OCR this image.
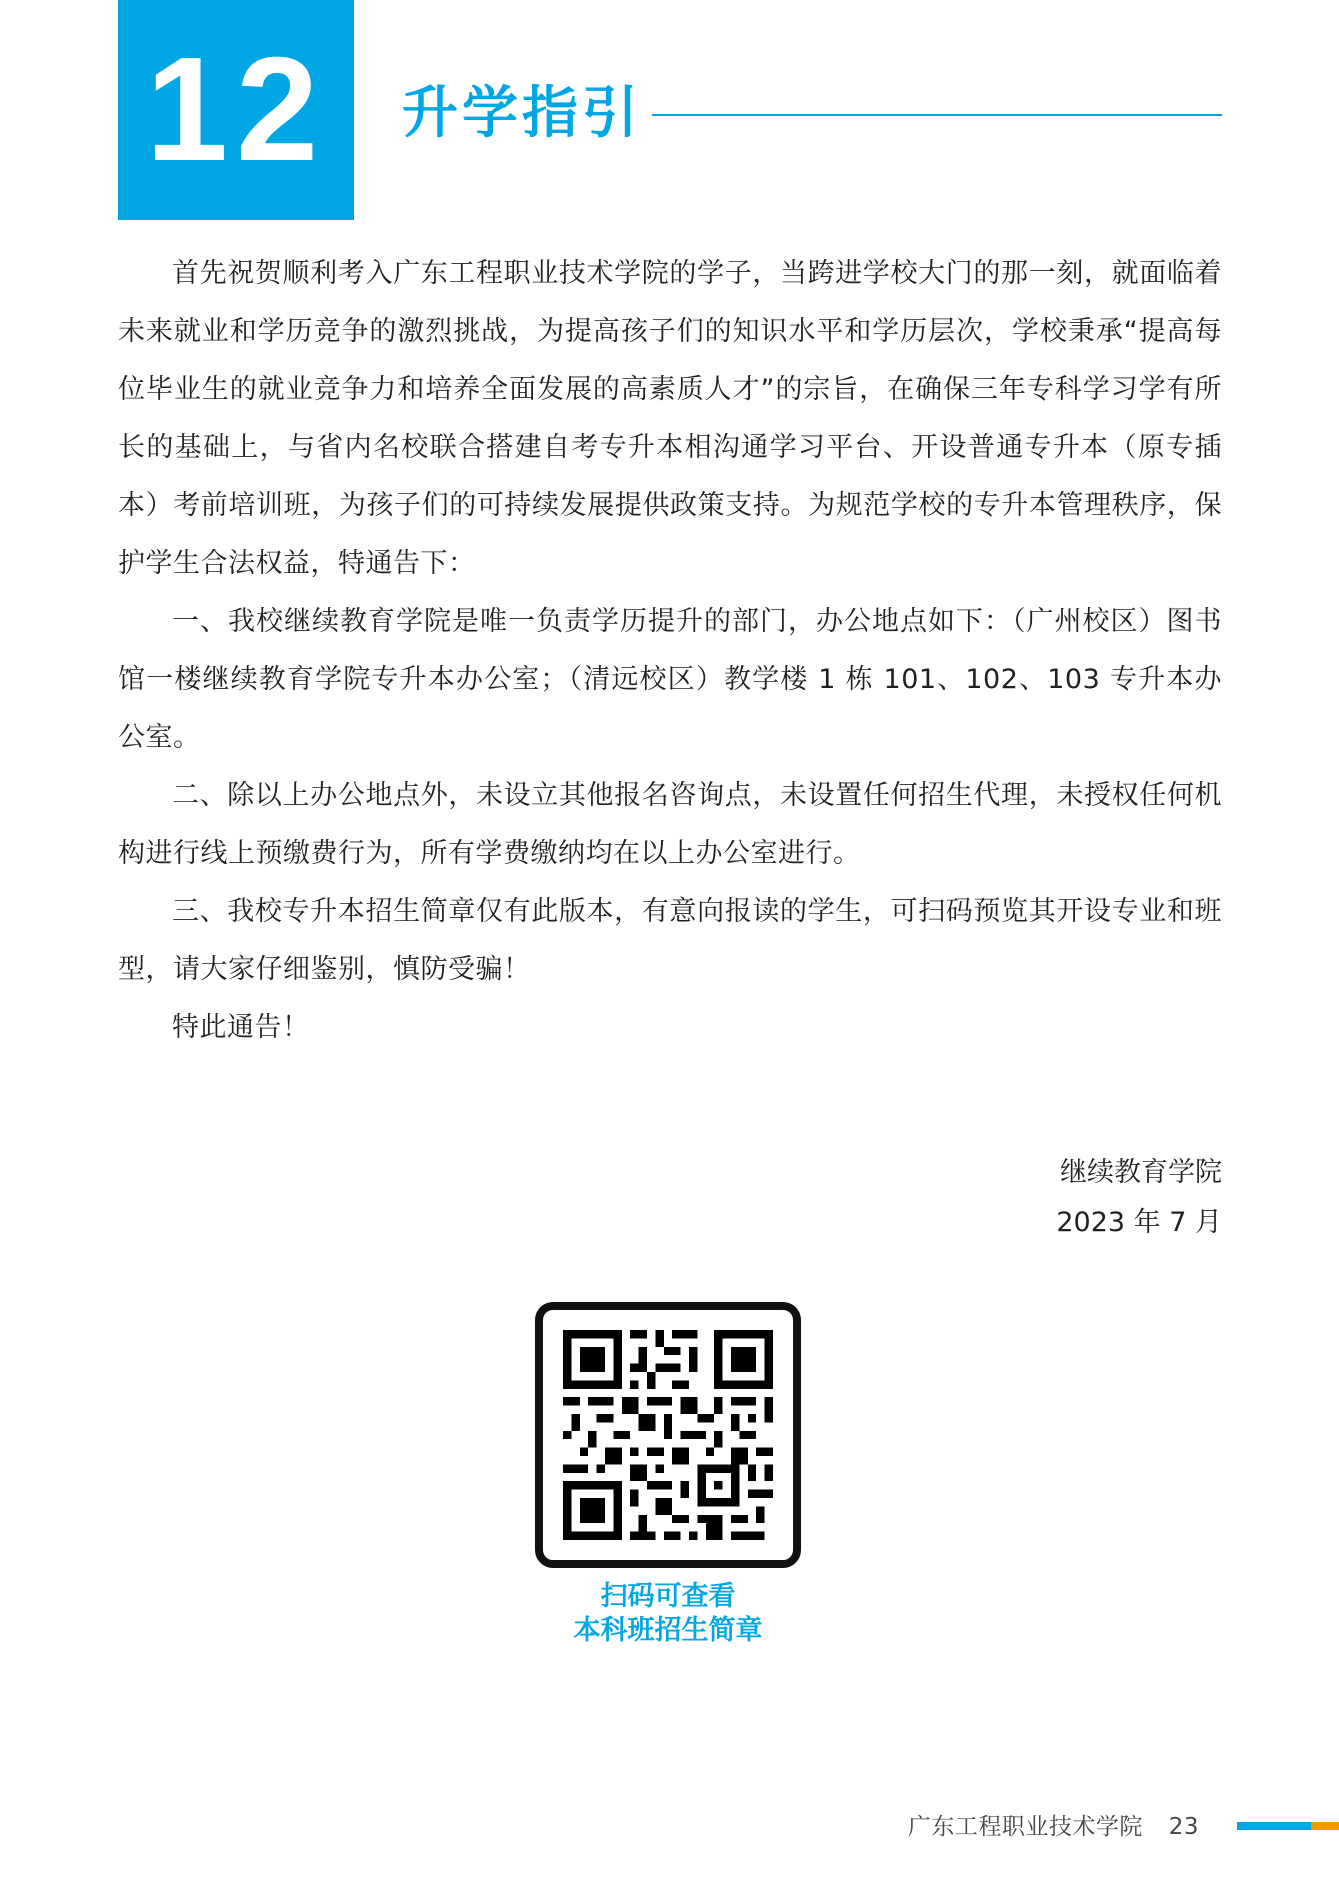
12 升学指引

首先祝贺顺利考入广东工程职业技术学院的学子，当跨进学校大门的那一刻，就面临着未来就业和学历竞争的激烈挑战，为提高孩子们的知识水平和学历层次，学校秉承“提高每位毕业生的就业竞争力和培养全面发展的高素质人才”的宗旨，在确保三年专科学习学有所长的基础上，与省内名校联合搭建自考专升本相沟通学习平台、开设普通专升本（原专插本）考前培训班，为孩子们的可持续发展提供政策支持。为规范学校的专升本管理秩序，保护学生合法权益，特通告下：

一、我校继续教育学院是唯一负责学历提升的部门，办公地点如下：（广州校区）图书馆一楼继续教育学院专升本办公室；（清远校区）教学楼 1 栋 101、102、103 专升本办公室。

二、除以上办公地点外，未设立其他报名咨询点，未设置任何招生代理，未授权任何机构进行线上预缴费行为，所有学费缴纳均在以上办公室进行。

三、我校专升本招生简章仅有此版本，有意向报读的学生，可扫码预览其开设专业和班型，请大家仔细鉴别，慎防受骗！

特此通告！

继续教育学院
2023 年 7 月
扫码可查看
本科班招生简章
广东工程职业技术学院 23
